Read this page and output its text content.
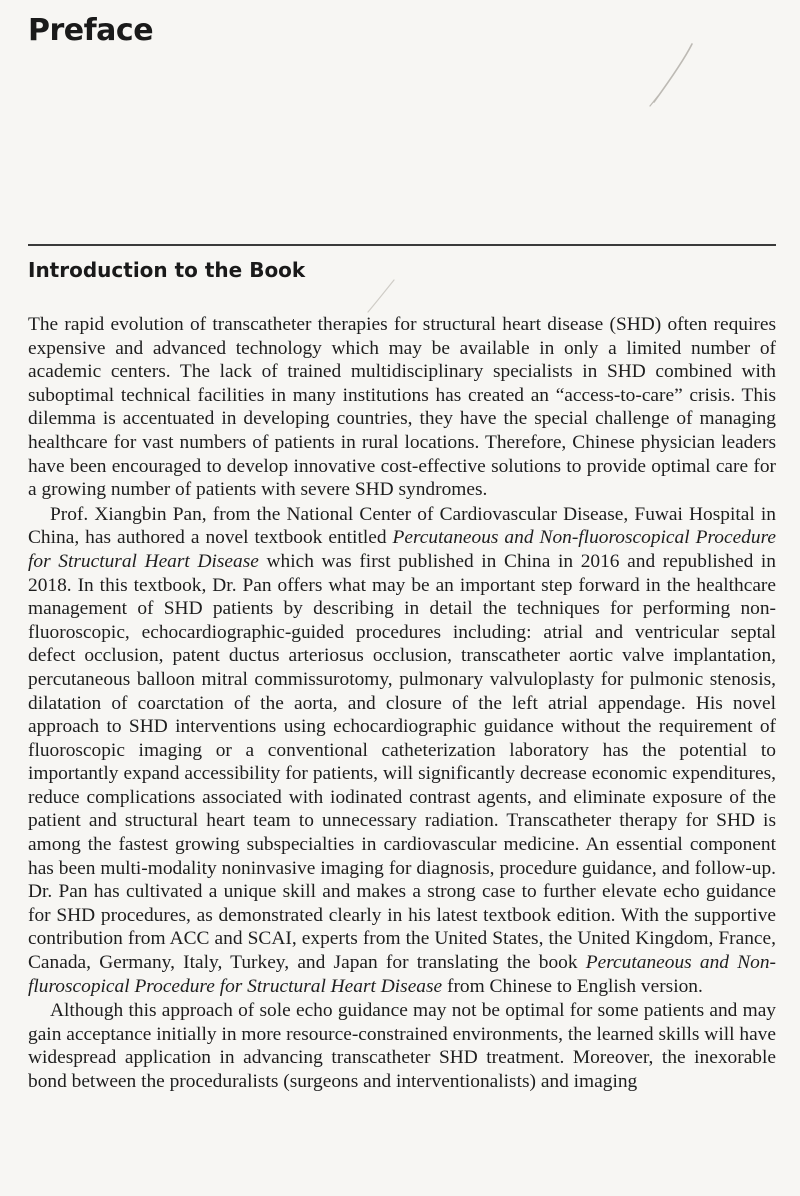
Preface
Introduction to the Book

The rapid evolution of transcatheter therapies for structural heart disease (SHD) often requires expensive and advanced technology which may be available in only a limited number of academic centers. The lack of trained multidisciplinary specialists in SHD combined with suboptimal technical facilities in many institutions has created an “access-to-care” crisis. This dilemma is accentuated in developing countries, they have the special challenge of managing healthcare for vast numbers of patients in rural locations. Therefore, Chinese physician leaders have been encouraged to develop innovative cost-effective solutions to provide optimal care for a growing number of patients with severe SHD syndromes.

Prof. Xiangbin Pan, from the National Center of Cardiovascular Disease, Fuwai Hospital in China, has authored a novel textbook entitled Percutaneous and Non-fluoroscopical Procedure for Structural Heart Disease which was first published in China in 2016 and republished in 2018. In this textbook, Dr. Pan offers what may be an important step forward in the healthcare management of SHD patients by describing in detail the techniques for performing non-fluoroscopic, echocardiographic-guided procedures including: atrial and ventricular septal defect occlusion, patent ductus arteriosus occlusion, transcatheter aortic valve implantation, percutaneous balloon mitral commissurotomy, pulmonary valvuloplasty for pulmonic stenosis, dilatation of coarctation of the aorta, and closure of the left atrial appendage. His novel approach to SHD interventions using echocardiographic guidance without the requirement of fluoroscopic imaging or a conventional catheterization laboratory has the potential to importantly expand accessibility for patients, will significantly decrease economic expenditures, reduce complications associated with iodinated contrast agents, and eliminate exposure of the patient and structural heart team to unnecessary radiation. Transcatheter therapy for SHD is among the fastest growing subspecialties in cardiovascular medicine. An essential component has been multi-modality noninvasive imaging for diagnosis, procedure guidance, and follow-up. Dr. Pan has cultivated a unique skill and makes a strong case to further elevate echo guidance for SHD procedures, as demonstrated clearly in his latest textbook edition. With the supportive contribution from ACC and SCAI, experts from the United States, the United Kingdom, France, Canada, Germany, Italy, Turkey, and Japan for translating the book Percutaneous and Non-fluroscopical Procedure for Structural Heart Disease from Chinese to English version.

Although this approach of sole echo guidance may not be optimal for some patients and may gain acceptance initially in more resource-constrained environments, the learned skills will have widespread application in advancing transcatheter SHD treatment. Moreover, the inexorable bond between the proceduralists (surgeons and interventionalists) and imaging
